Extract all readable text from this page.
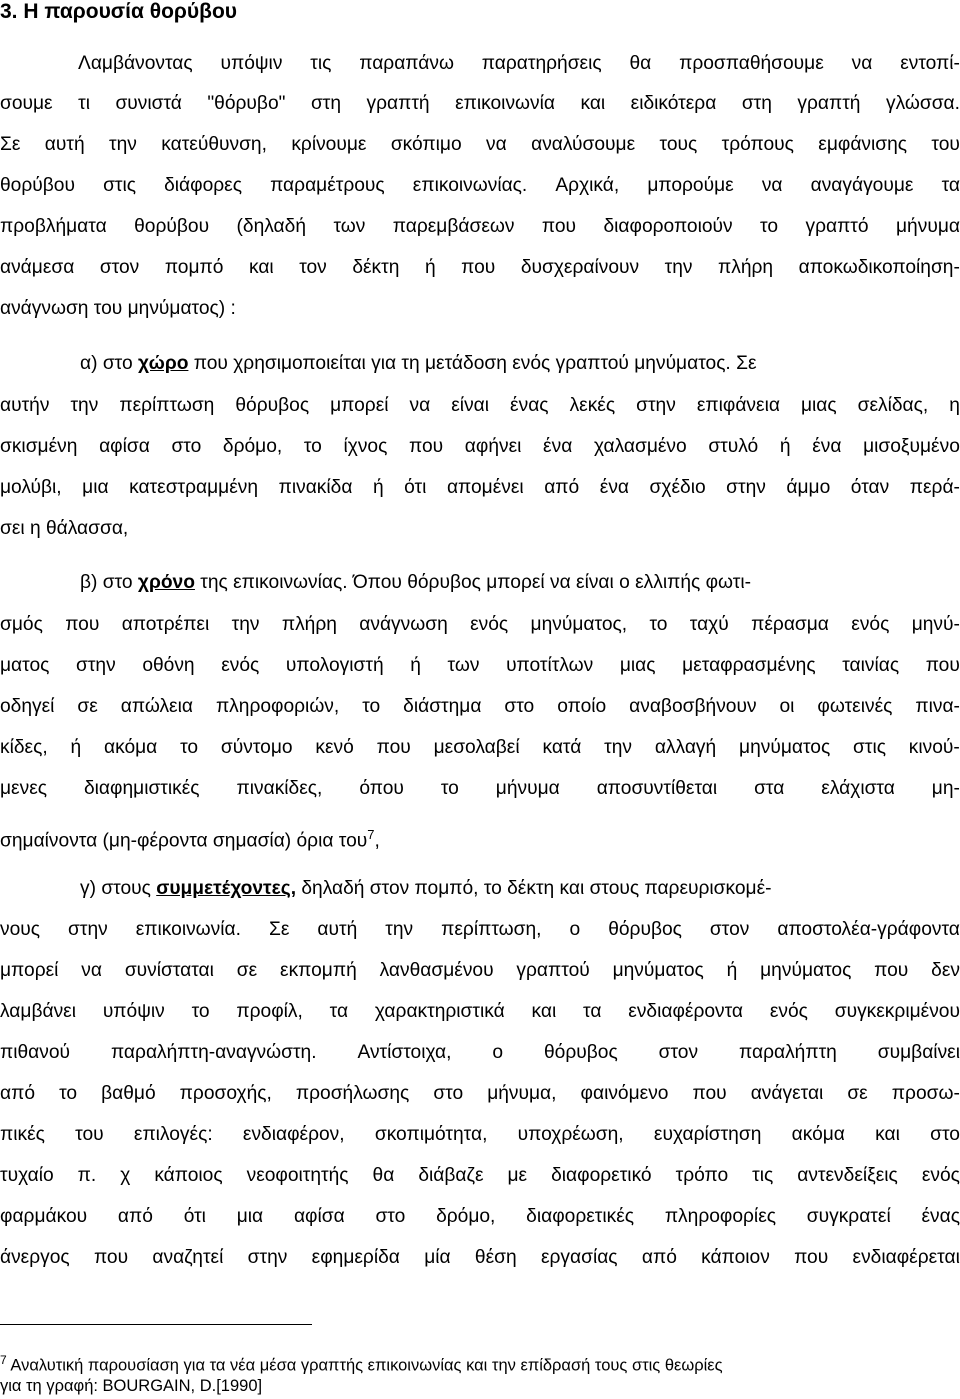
3. Η παρουσία θορύβου
Λαμβάνοντας υπόψιν τις παραπάνω παρατηρήσεις θα προσπαθήσουμε να εντοπί-
σουμε τι συνιστά "θόρυβο" στη γραπτή επικοινωνία και ειδικότερα στη γραπτή γλώσσα.
Σε αυτή την κατεύθυνση, κρίνουμε σκόπιμο να αναλύσουμε τους τρόπους εμφάνισης του
θορύβου στις διάφορες παραμέτρους επικοινωνίας. Αρχικά, μπορούμε να αναγάγουμε τα
προβλήματα θορύβου (δηλαδή των παρεμβάσεων που διαφοροποιούν το γραπτό μήνυμα
ανάμεσα στον πομπό και τον δέκτη ή που δυσχεραίνουν την πλήρη αποκωδικοποίηση-
ανάγνωση του μηνύματος) :
α) στο χώρο που χρησιμοποιείται για τη μετάδοση ενός γραπτού μηνύματος. Σε
αυτήν την περίπτωση θόρυβος μπορεί να είναι ένας λεκές στην επιφάνεια μιας σελίδας, η
σκισμένη αφίσα στο δρόμο, το ίχνος που αφήνει ένα χαλασμένο στυλό ή ένα μισοξυμένο
μολύβι, μια κατεστραμμένη πινακίδα ή ότι απομένει από ένα σχέδιο στην άμμο όταν περά-
σει η θάλασσα,
β) στο χρόνο της επικοινωνίας. Όπου θόρυβος μπορεί να είναι ο ελλιπής φωτι-
σμός που αποτρέπει την πλήρη ανάγνωση ενός μηνύματος, το ταχύ πέρασμα ενός μηνύ-
ματος στην οθόνη ενός υπολογιστή ή των υποτίτλων μιας μεταφρασμένης ταινίας που
οδηγεί σε απώλεια πληροφοριών, το διάστημα στο οποίο αναβοσβήνουν οι φωτεινές πινα-
κίδες, ή ακόμα το σύντομο κενό που μεσολαβεί κατά την αλλαγή μηνύματος στις κινού-
μενες διαφημιστικές πινακίδες, όπου το μήνυμα αποσυντίθεται στα ελάχιστα μη-
σημαίνοντα (μη-φέροντα σημασία) όρια του$^7$,
γ) στους συμμετέχοντες, δηλαδή στον πομπό, το δέκτη και στους παρευρισκομέ-
νους στην επικοινωνία. Σε αυτή την περίπτωση, ο θόρυβος στον αποστολέα-γράφοντα
μπορεί να συνίσταται σε εκπομπή λανθασμένου γραπτού μηνύματος ή μηνύματος που δεν
λαμβάνει υπόψιν το προφίλ, τα χαρακτηριστικά και τα ενδιαφέροντα ενός συγκεκριμένου
πιθανού παραλήπτη-αναγνώστη. Αντίστοιχα, ο θόρυβος στον παραλήπτη συμβαίνει
από το βαθμό προσοχής, προσήλωσης στο μήνυμα, φαινόμενο που ανάγεται σε προσω-
πικές του επιλογές: ενδιαφέρον, σκοπιμότητα, υποχρέωση, ευχαρίστηση ακόμα και στο
τυχαίο π. χ κάποιος νεοφοιτητής θα διάβαζε με διαφορετικό τρόπο τις αντενδείξεις ενός
φαρμάκου από ότι μια αφίσα στο δρόμο, διαφορετικές πληροφορίες συγκρατεί ένας
άνεργος που αναζητεί στην εφημερίδα μία θέση εργασίας από κάποιον που ενδιαφέρεται
$^7$ Αναλυτική παρουσίαση για τα νέα μέσα γραπτής επικοινωνίας και την επίδρασή τους στις θεωρίες
για τη γραφή: BOURGAIN, D.[1990]
